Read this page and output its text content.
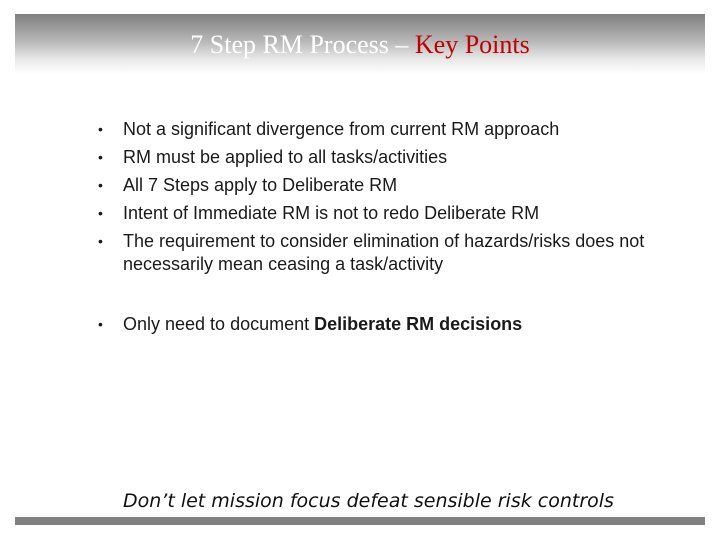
7 Step RM Process – Key Points
• Not a significant divergence from current RM approach
• RM must be applied to all tasks/activities
• All 7 Steps apply to Deliberate RM
• Intent of Immediate RM is not to redo Deliberate RM
• The requirement to consider elimination of hazards/risks does not necessarily mean ceasing a task/activity
• Only need to document Deliberate RM decisions
Don’t let mission focus defeat sensible risk controls
